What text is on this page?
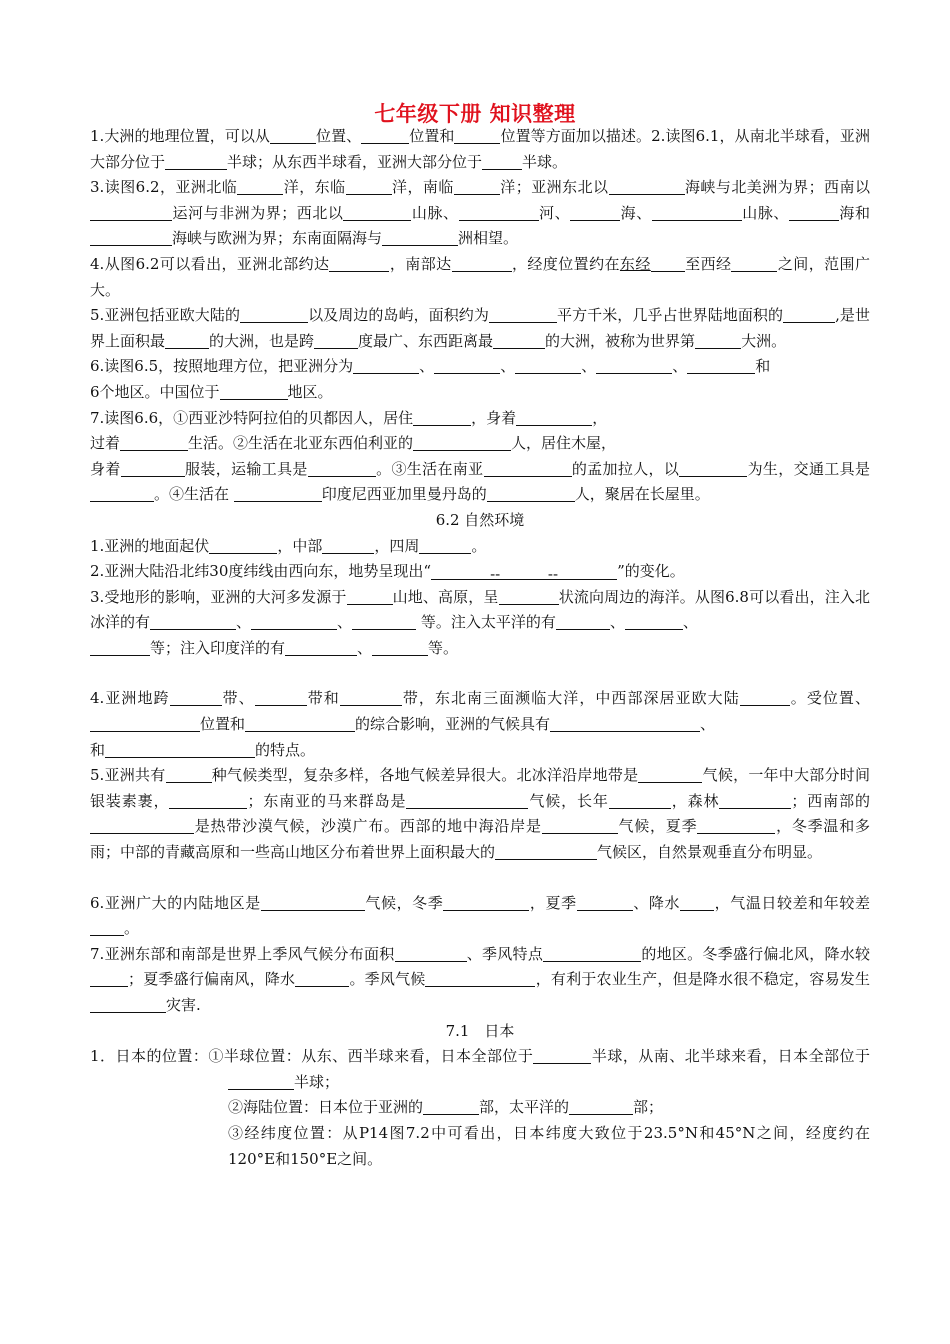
七年级下册 知识整理

1.大洲的地理位置，可以从	位置、	位置和	位置等方面加以描述。2.读图6.1，从南北半球看，亚洲大部分位于	半球；从东西半球看，亚洲大部分位于	半球。

3.读图6.2，亚洲北临	洋，东临	洋，南临	洋；亚洲东北以	海峡与北美洲为界；西南以运河与非洲为界；西北以	山脉、	河、	海、	山脉、	海和海峡与欧洲为界；东南面隔海与	洲相望。

4.从图6.2可以看出，亚洲北部约达	，南部达	，经度位置约在东经 至西经	之间，范围广大。

5.亚洲包括亚欧大陆的	以及周边的岛屿，面积约为	平方千米，几乎占世界陆地面积的	,是世界上面积最	的大洲，也是跨	度最广、东西距离最	的大洲，被称为世界第	大洲。

6.读图6.5，按照地理方位，把亚洲分为	、	、	、	、	和
6个地区。中国位于	地区。

7.读图6.6，①西亚沙特阿拉伯的贝都因人，居住	，身着	，
过着	生活。②生活在北亚东西伯利亚的	人，居住木屋，
身着	服装，运输工具是	。③生活在南亚	的孟加拉人，以	为生，交通工具是。④生活在	印度尼西亚加里曼丹岛的	人，聚居在长屋里。

6.2 自然环境

1.亚洲的地面起伏	，中部	，四周	。

2.亚洲大陆沿北纬30度纬线由西向东，地势呈现出“	--	--	”的变化。

3.受地形的影响，亚洲的大河多发源于	山地、高原，呈	状流向周边的海洋。从图6.8可以看出，注入北冰洋的有	、	、	等。注入太平洋的有	、	、
等；注入印度洋的有	、	等。

4.亚洲地跨	带、	带和	带，东北南三面濒临大洋，中西部深居亚欧大陆	。受位置、位置和	的综合影响，亚洲的气候具有	、
和	的特点。

5.亚洲共有	种气候类型，复杂多样，各地气候差异很大。北冰洋沿岸地带是	气候，一年中大部分时间银装素裹，	；东南亚的马来群岛是	气候，长年	，森林	；西南部的是热带沙漠气候，沙漠广布。西部的地中海沿岸是	气候，夏季	，冬季温和多雨；中部的青藏高原和一些高山地区分布着世界上面积最大的	气候区，自然景观垂直分布明显。

6.亚洲广大的内陆地区是	气候，冬季	，夏季	、降水 ，气温日较差和年较差。

7.亚洲东部和南部是世界上季风气候分布面积	、季风特点	的地区。冬季盛行偏北风，降水较；夏季盛行偏南风，降水	。季风气候	，有利于农业生产，但是降水很不稳定，容易发生灾害.

7.1　日本

1．日本的位置：①半球位置：从东、西半球来看，日本全部位于	半球，从南、北半球来看，日本全部位于半球；

②海陆位置：日本位于亚洲的	部，太平洋的	部；

③经纬度位置：从P14图7.2中可看出，日本纬度大致位于23.5°N和45°N之间，经度约在120°E和150°E之间。
